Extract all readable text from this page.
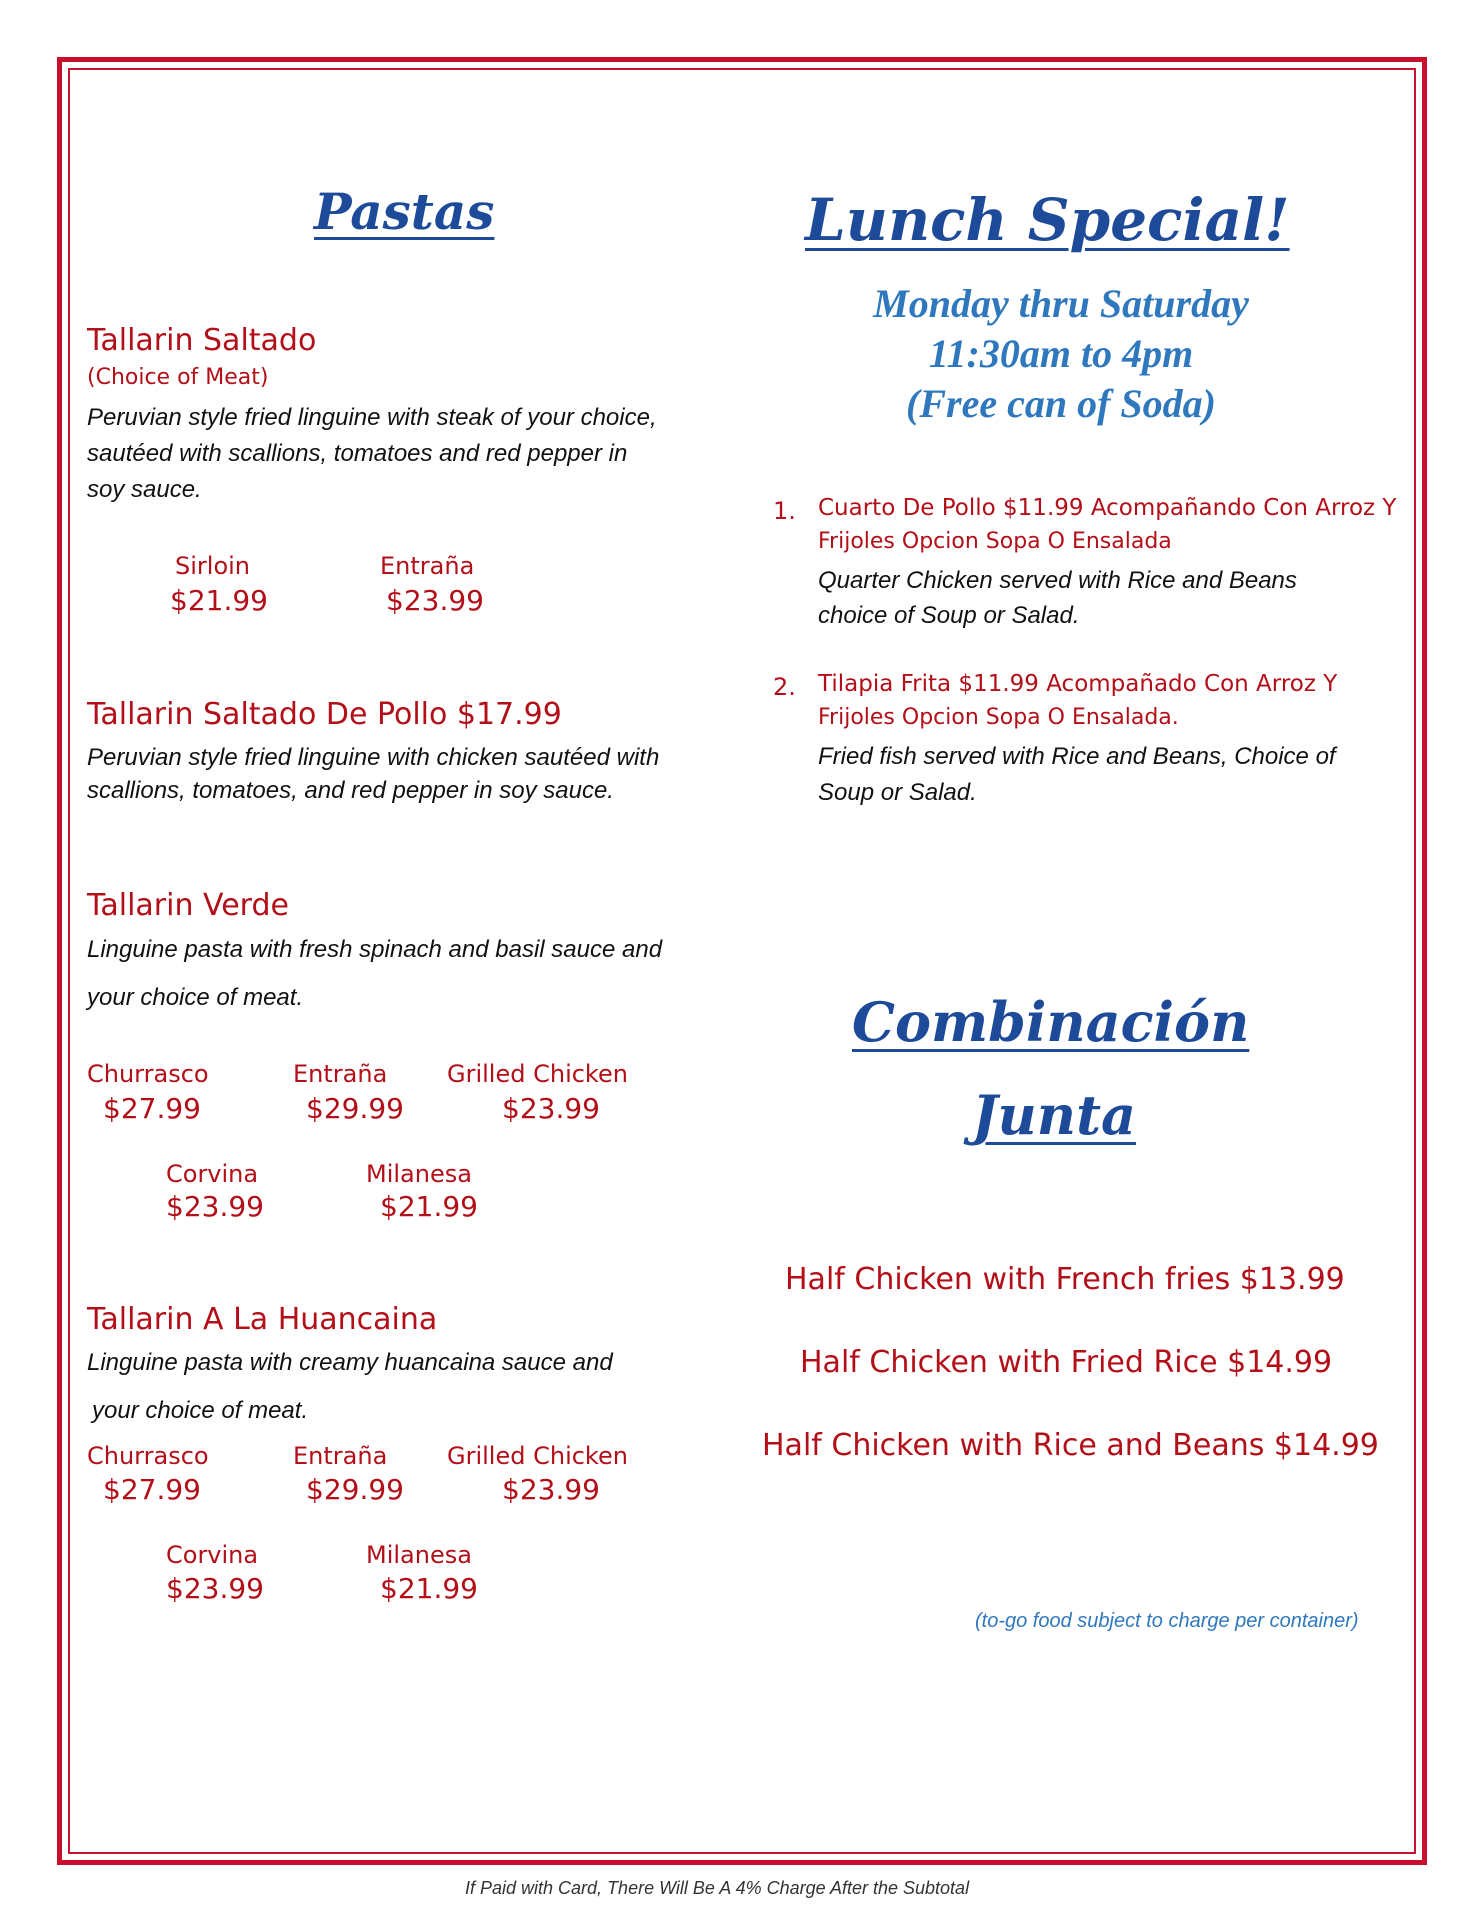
Pastas
Tallarin Saltado
(Choice of Meat)
Peruvian style fried linguine with steak of your choice,
sautéed with scallions, tomatoes and red pepper in
soy sauce.
Sirloin
$21.99
Entraña
$23.99
Tallarin Saltado De Pollo $17.99
Peruvian style fried linguine with chicken sautéed with
scallions, tomatoes, and red pepper in soy sauce.
Tallarin Verde
Linguine pasta with fresh spinach and basil sauce and
your choice of meat.
Churrasco
$27.99
Entraña
$29.99
Grilled Chicken
$23.99
Corvina
$23.99
Milanesa
$21.99
Tallarin A La Huancaina
Linguine pasta with creamy huancaina sauce and
your choice of meat.
Churrasco
$27.99
Entraña
$29.99
Grilled Chicken
$23.99
Corvina
$23.99
Milanesa
$21.99
Lunch Special!
Monday thru Saturday
11:30am to 4pm
(Free can of Soda)
1. Cuarto De Pollo $11.99 Acompañando Con Arroz Y
Frijoles Opcion Sopa O Ensalada
Quarter Chicken served with Rice and Beans
choice of Soup or Salad.
2. Tilapia Frita $11.99 Acompañado Con Arroz Y
Frijoles Opcion Sopa O Ensalada.
Fried fish served with Rice and Beans, Choice of
Soup or Salad.
Combinación
Junta
Half Chicken with French fries $13.99
Half Chicken with Fried Rice $14.99
Half Chicken with Rice and Beans $14.99
(to-go food subject to charge per container)
If Paid with Card, There Will Be A 4% Charge After the Subtotal
